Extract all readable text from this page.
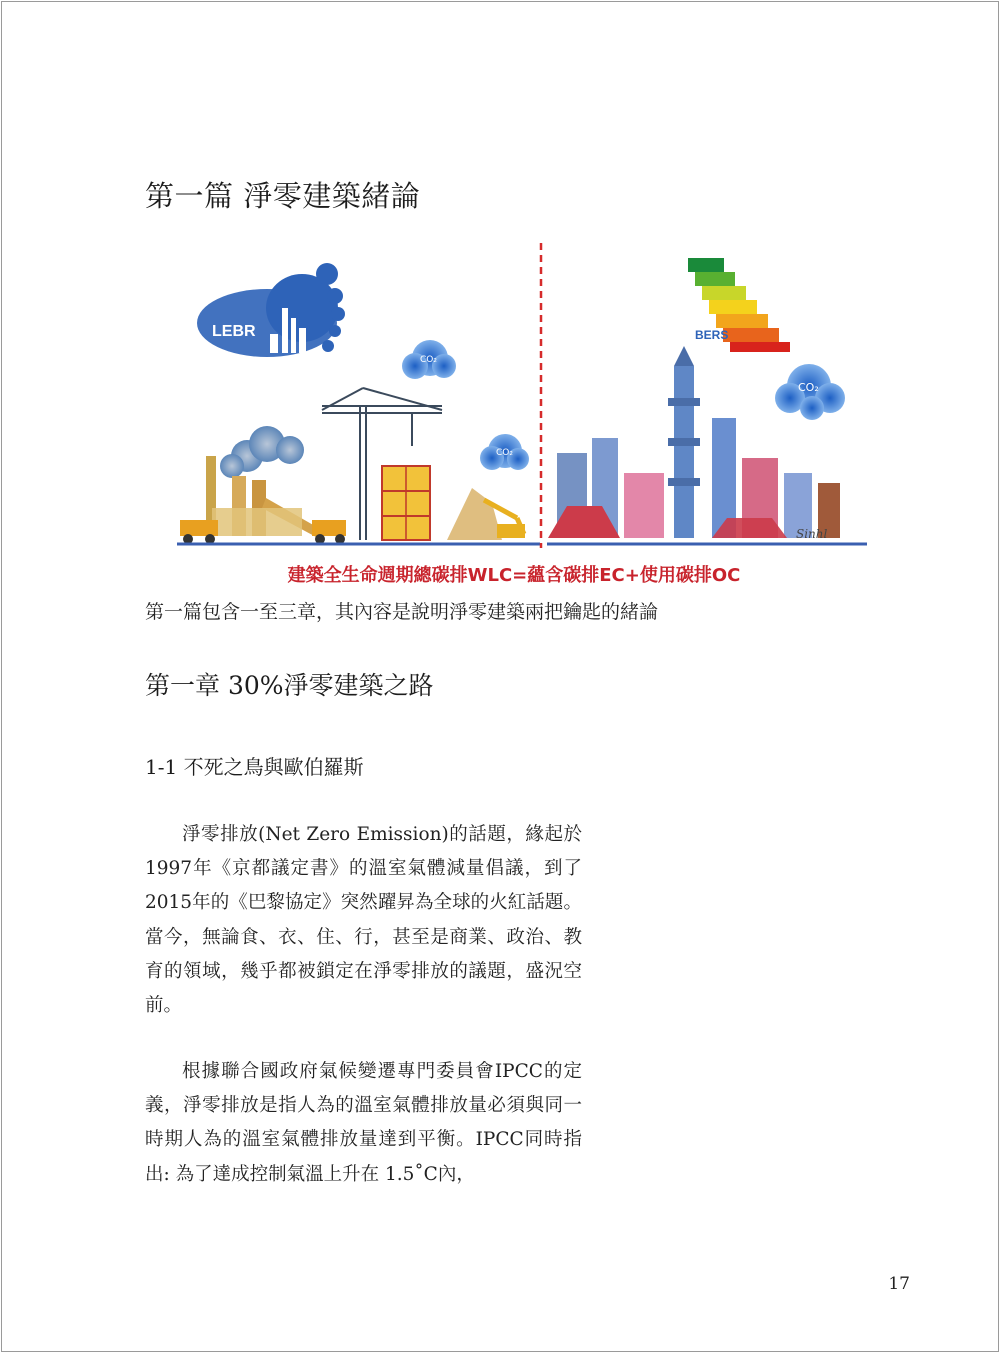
第一篇 淨零建築緒論
LEBR
CO₂
CO₂
CO₂
BERS
Sinhl
建築全生命週期總碳排WLC=蘊含碳排EC+使用碳排OC
第一篇包含一至三章，其內容是說明淨零建築兩把鑰匙的緒論
第一章 30%淨零建築之路
1-1 不死之鳥與歐伯羅斯

淨零排放(Net Zero Emission)的話題，緣起於1997年《京都議定書》的溫室氣體減量倡議，到了2015年的《巴黎協定》突然躍昇為全球的火紅話題。當今，無論食、衣、住、行，甚至是商業、政治、教育的領域，幾乎都被鎖定在淨零排放的議題，盛況空前。

根據聯合國政府氣候變遷專門委員會IPCC的定義，淨零排放是指人為的溫室氣體排放量必須與同一時期人為的溫室氣體排放量達到平衡。IPCC同時指出: 為了達成控制氣溫上升在 1.5˚C內，

17
